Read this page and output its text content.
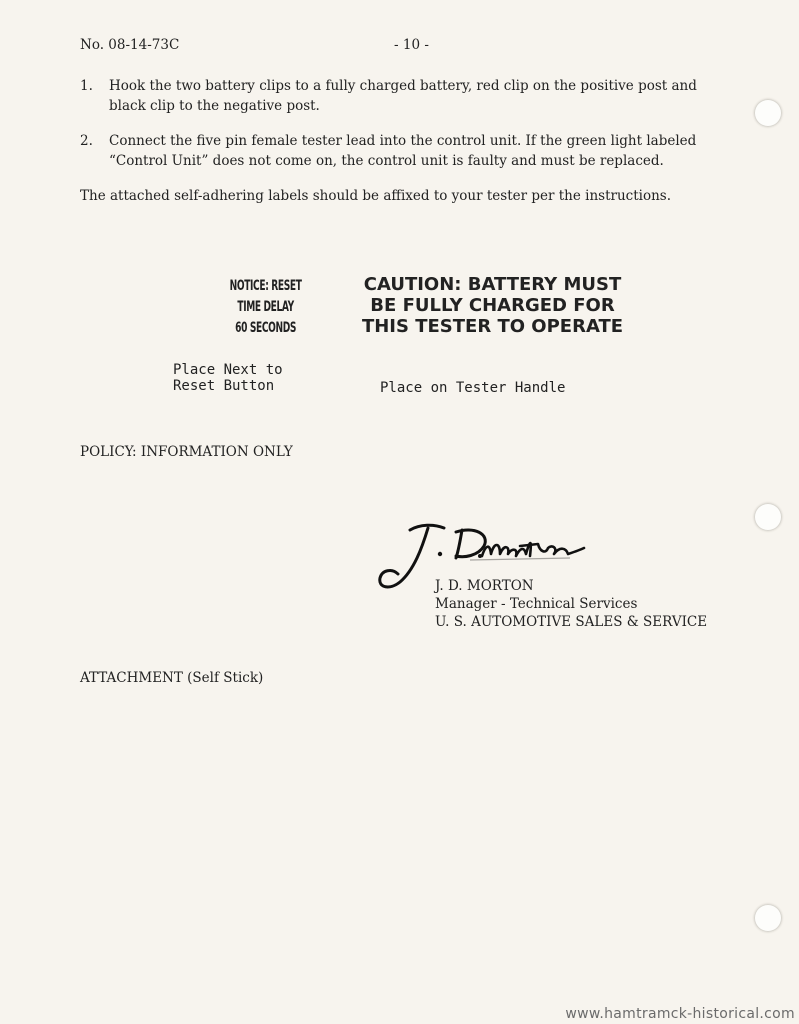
No. 08-14-73C	- 10 -
1. Hook the two battery clips to a fully charged battery, red clip on the positive post and black clip to the negative post.
2. Connect the five pin female tester lead into the control unit. If the green light labeled “Control Unit” does not come on, the control unit is faulty and must be replaced.
The attached self-adhering labels should be affixed to your tester per the instructions.
NOTICE: RESET
TIME DELAY
60 SECONDS
CAUTION: BATTERY MUST
BE FULLY CHARGED FOR
THIS TESTER TO OPERATE
Place Next to
Reset Button	Place on Tester Handle
POLICY: INFORMATION ONLY
J. D. MORTON
Manager - Technical Services
U. S. AUTOMOTIVE SALES & SERVICE
ATTACHMENT (Self Stick)
www.hamtramck-historical.com
